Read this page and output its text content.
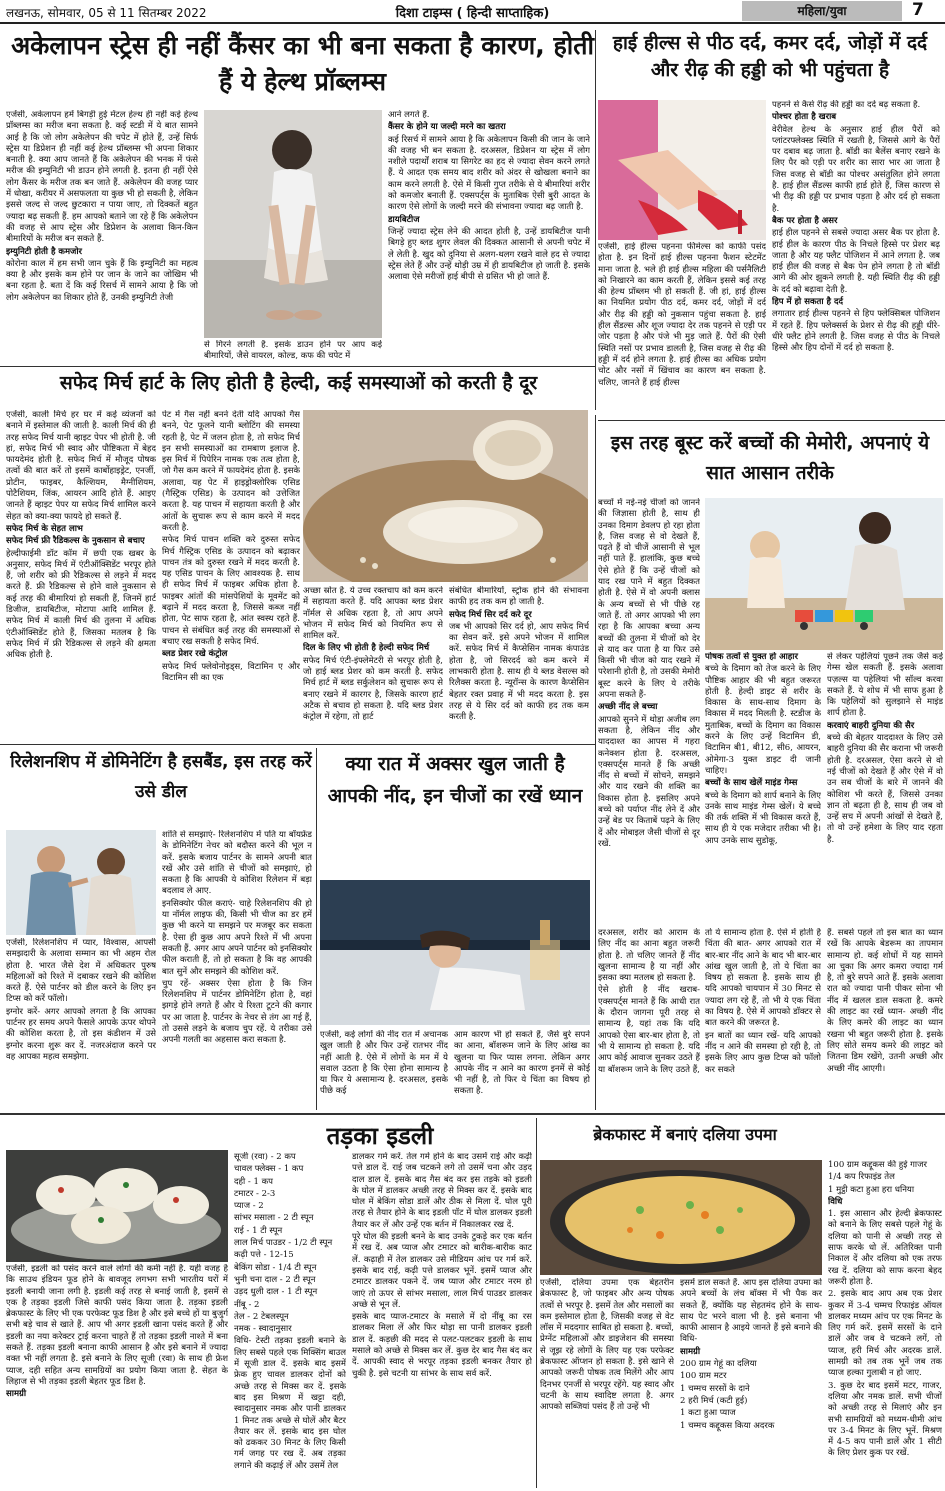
लखनऊ, सोमवार, 05 से 11 सितम्बर 2022	दिशा टाइम्स ( हिन्दी साप्ताहिक)	महिला/युवा	7
अकेलापन स्ट्रेस ही नहीं कैंसर का भी बना सकता है कारण, होती हैं ये हेल्थ प्रॉब्लम्स

एजेंसी, अकेलापन हमें बिगड़ी हुई मेंटल हेल्थ ही नहीं कई हेल्थ प्रॉब्लम्स का मरीज बना सकता है. कई स्टडी में ये बात सामने आई है कि जो लोग अकेलेपन की चपेट में होते हैं, उन्हें सिर्फ स्ट्रेस या डिप्रेशन ही नहीं कई हेल्थ प्रॉब्लम्स भी अपना शिकार बनाती है. क्या आप जानते हैं कि अकेलेपन की भनक में फंसे मरीज की इम्युनिटी भी डाउन होने लगती है. इतना ही नहीं ऐसे लोग कैंसर के मरीज तक बन जाते हैं. अकेलेपन की वजह प्यार में धोखा, करीयर में असफलता या कुछ भी हो सकती है, लेकिन इससे जल्द से जल्द छुटकारा न पाया जाए, तो दिक्कतें बहुत ज्यादा बढ़ सकती हैं. हम आपको बताने जा रहे हैं कि अकेलेपन की वजह से आप स्ट्रेस और डिप्रेशन के अलावा किन-किन बीमारियों के मरीज बन सकते हैं.

इम्युनिटी होती है कमजोर

कोरोना काल में हम सभी जान चुके हैं कि इम्युनिटी का महत्व क्या है और इसके कम होने पर जान के जाने का जोखिम भी बना रहता है. बता दें कि कई रिसर्च में सामने आया है कि जो लोग अकेलेपन का शिकार होते हैं, उनकी इम्युनिटी तेजी

से गिरने लगती है. इसके डाउन होने पर आप कई बीमारियों, जैसे वायरल, कोल्ड, कफ की चपेट में

आने लगते हैं.

कैंसर के होने या जल्दी मरने का खतरा

कई रिसर्च में सामने आया है कि अकेलापन किसी की जान के जाने की वजह भी बन सकता है. दरअसल, डिप्रेशन या स्ट्रेस में लोग नशीले पदार्थों शराब या सिगरेट का हद से ज्यादा सेवन करने लगते हैं. ये आदत एक समय बाद शरीर को अंदर से खोखला बनाने का काम करने लगती है. ऐसे में किसी गुप्त तरीके से ये बीमारियां शरीर को कमजोर बनाती हैं. एक्सपर्ट्स के मुताबिक ऐसी बुरी आदत के कारण ऐसे लोगों के जल्दी मरने की संभावना ज्यादा बढ़ जाती है.

डायबिटीज

जिन्हें ज्यादा स्ट्रेस लेने की आदत होती है, उन्हें डायबिटीज यानी बिगड़े हुए ब्लड शुगर लेवल की दिक्कत आसानी से अपनी चपेट में ले लेती है. खुद को दुनिया से अलग-थलग रखने वाले हद से ज्यादा स्ट्रेस लेते हैं और उन्हें थोड़ी उम्र में ही डायबिटीज हो जाती है. इसके अलावा ऐसे मरीजों हाई बीपी से ग्रसित भी हो जाते हैं.

हाई हील्स से पीठ दर्द, कमर दर्द, जोड़ों में दर्द और रीढ़ की हड्डी को भी पहुंचता है

एजेंसी, हाई हील्स पहनना फीमेल्स को काफी पसंद होता है. इन दिनों हाई हील्स पहनना फैशन स्टेटमेंट माना जाता है. भले ही हाई हील्स महिला की पर्सनैलिटी को निखारने का काम करती हैं, लेकिन इससे कई तरह की हेल्थ प्रॉब्लम भी हो सकती हैं. जी हां, हाई हील्स का नियमित प्रयोग पीठ दर्द, कमर दर्द, जोड़ों में दर्द और रीढ़ की हड्डी को नुकसान पहुंचा सकता है. हाई हील सैंडल्स और शूज ज्यादा देर तक पहनने से एड़ी पर जोर पड़ता है और पंजे भी मुड़ जाते हैं. पैरों की ऐसी स्थिति नसों पर प्रभाव डालती है, जिस वजह से रीढ़ की हड्डी में दर्द होने लगता है. हाई हील्स का अधिक प्रयोग चोट और नसों में खिंचाव का कारण बन सकता है. चलिए, जानते हैं हाई हील्स

पहनने से कैसे रीढ़ की हड्डी का दर्द बढ़ सकता है.

पोश्चर होता है खराब

वेरीवेल हेल्थ के अनुसार हाई हील पैरों को प्लांटरफ्लेक्स्ड स्थिति में रखती है, जिससे आगे के पैरों पर दबाव बढ़ जाता है. बॉडी का बैलेंस बनाए रखने के लिए पैर को एड़ी पर शरीर का सारा भार आ जाता है जिस वजह से बॉडी का पोश्चर असंतुलित होने लगता है. हाई हील सैंडल्स काफी हार्ड होते हैं, जिस कारण से भी रीढ़ की हड्डी पर प्रभाव पड़ता है और दर्द हो सकता है.

बैक पर होता है असर

हाई हील पहनने से सबसे ज्यादा असर बैक पर होता है. हाई हील के कारण पीठ के निचले हिस्से पर प्रेशर बढ़ जाता है और यह फ्लैट पोजिशन में आने लगता है. जब हाई हील की वजह से बैक पेन होने लगता है तो बॉडी आगे की ओर झुकने लगती है. यही स्थिति रीढ़ की हड्डी के दर्द को बढ़ावा देती है.

हिप में हो सकता है दर्द

लगातार हाई हील्स पहनने से हिप फ्लेक्सिबल पोजिशन में रहते हैं. हिप फ्लेक्सर्स के प्रेशर से रीढ़ की हड्डी धीरे-धीरे फ्लैट होने लगती है. जिस वजह से पीठ के निचले हिस्से और हिप दोनों में दर्द हो सकता है.

सफेद मिर्च हार्ट के लिए होती है हेल्दी, कई समस्याओं को करती है दूर

एजेंसी, काली मिर्च हर घर में कई व्यंजनों को बनाने में इस्तेमाल की जाती है. काली मिर्च की ही तरह सफेद मिर्च यानी व्हाइट पेपर भी होती है. जी हां, सफेद मिर्च भी स्वाद और पौष्टिकता में बेहद फायदेमंद होती है. सफेद मिर्च में मौजूद पोषक तत्वों की बात करें तो इसमें कार्बोहाइड्रेट, एनर्जी, प्रोटीन, फाइबर, कैल्शियम, मैग्नीशियम, पोटैशियम, जिंक, आयरन आदि होते हैं. आइए जानते हैं व्हाइट पेपर या सफेद मिर्च शामिल करने सेहत को क्या-क्या फायदे हो सकते हैं.

सफेद मिर्च के सेहत लाभ

सफेद मिर्च फ्री रैडिकल्स के नुकसान से बचाए

हेल्दीफाईमी डॉट कॉम में छपी एक खबर के अनुसार, सफेद मिर्च में एंटीऑक्सिडेंट भरपूर होते हैं, जो शरीर को फ्री रैडिकल्स से लड़ने में मदद करते हैं. फ्री रैडिकल्स से होने वाले नुकसान से कई तरह की बीमारियां हो सकती हैं, जिनमें हार्ट डिजीज, डायबिटीज, मोटापा आदि शामिल हैं. सफेद मिर्च में काली मिर्च की तुलना में अधिक एंटीऑक्सिडेंट होते हैं, जिसका मतलब है कि सफेद मिर्च में फ्री रैडिकल्स से लड़ने की क्षमता अधिक होती है.

पेट में गैस नहीं बनने देती यदि आपको गैस बनने, पेट फूलने यानी ब्लोटिंग की समस्या रहती है, पेट में जलन होता है, तो सफेद मिर्च इन सभी समस्याओं का रामबाण इलाज है. इस मिर्च में पिपेरिन नामक एक तत्व होता है, जो गैस कम करने में फायदेमंद होता है. इसके अलावा, यह पेट में हाइड्रोक्लोरिक एसिड (गैस्ट्रिक एसिड) के उत्पादन को उत्तेजित करता है. यह पाचन में सहायता करती है और आंतों के सुचारू रूप से काम करने में मदद करती है.

सफेद मिर्च पाचन शक्ति करे दुरुस्त सफेद मिर्च गैस्ट्रिक एसिड के उत्पादन को बढ़ाकर पाचन तंत्र को दुरुस्त रखने में मदद करती है. यह एसिड पाचन के लिए आवश्यक है. साथ ही सफेद मिर्च में फाइबर अधिक होता है. फाइबर आंतों की मांसपेशियों के मूवमेंट को बढ़ाने में मदद करता है, जिससे कब्ज नहीं होता, पेट साफ रहता है, आंत स्वस्थ रहते हैं. पाचन से संबंधित कई तरह की समस्याओं से बचाए रख सकती है सफेद मिर्च.

ब्लड प्रेशर रखे कंट्रोल

सफेद मिर्च फ्लेवोनोइड्स, विटामिन ए और विटामिन सी का एक

अच्छा स्रोत है. ये उच्च रक्तचाप को कम करने में सहायता करते हैं. यदि आपका ब्लड प्रेशर नॉर्मल से अधिक रहता है, तो आप अपने भोजन में सफेद मिर्च को नियमित रूप से शामिल करें.

दिल के लिए भी होती है हेल्दी सफेद मिर्च

सफेद मिर्च एंटी-इंफ्लेमेटरी से भरपूर होती है, जो हाई ब्लड प्रेशर को कम करती है. सफेद मिर्च हार्ट में ब्लड सर्कुलेशन को सुचारू रूप से बनाए रखने में कारगर है, जिसके कारण हार्ट अटैक से बचाव हो सकता है. यदि ब्लड प्रेशर कंट्रोल में रहेगा, तो हार्ट

संबंधित बीमारियों, स्ट्रोक होने की संभावना काफी हद तक कम हो जाती है.

सफेद मिर्च सिर दर्द करे दूर

जब भी आपको सिर दर्द हो, आप सफेद मिर्च का सेवन करें. इसे अपने भोजन में शामिल करें. सफेद मिर्च में कैप्सेसिन नामक कंपाउंड होता है, जो सिरदर्द को कम करने में लाभकारी होता है. साथ ही ये ब्लड वेसल्स को रिलैक्स करता है. न्यूरॉन्स के कारण कैप्सेसिन बेहतर रक्त प्रवाह में भी मदद करता है. इस तरह से ये सिर दर्द को काफी हद तक कम करती है.

इस तरह बूस्ट करें बच्चों की मेमोरी, अपनाएं ये सात आसान तरीके

बच्चों में नई-नई चीजों को जानने की जिज्ञासा होती है, साथ ही उनका दिमाग डेवलप हो रहा होता है, जिस वजह से वो देखते हैं, पढ़ते हैं वो चीजें आसानी से भूल नहीं पाते हैं. हालांकि, कुछ बच्चे ऐसे होते हैं कि उन्हें चीजों को याद रख पाने में बहुत दिक्कत होती है. ऐसे में वो अपनी क्लास के अन्य बच्चों से भी पीछे रह जाते हैं. तो अगर आपको भी लग रहा है कि आपका बच्चा अन्य बच्चों की तुलना में चीजों को देर से याद कर पाता है या फिर उसे किसी भी चीज को याद रखने में परेशानी होती है, तो उसकी मेमोरी बूस्ट करने के लिए ये तरीके अपना सकते हैं-

अच्छी नींद ले बच्चा

आपको सुनने में थोड़ा अजीब लग सकता है, लेकिन नींद और याददाश्त का आपस में गहरा कनेक्शन होता है. दरअसल, एक्सपर्ट्स मानते हैं कि अच्छी नींद से बच्चों में सोचने, समझने और याद रखने की शक्ति का विकास होता है. इसलिए अपने बच्चे को पर्याप्त नींद लेने दें और उन्हें बेड पर किताबें पढ़ने के लिए दें और मोबाइल जैसी चीजों से दूर रखें.

पोषक तत्वों से युक्त हो आहार

बच्चे के दिमाग को तेज करने के लिए पौष्टिक आहार की भी बहुत जरूरत होती है. हेल्दी डाइट से शरीर के विकास के साथ-साथ दिमाग के विकास में मदद मिलती है. स्टडीज के मुताबिक, बच्चों के दिमाग का विकास करने के लिए उन्हें विटामिन डी, विटामिन बी1, बी12, सी6, आयरन, ओमेगा-3 युक्त डाइट दी जानी चाहिए।

बच्चों के साथ खेलें माइंड गेम्स

बच्चे के दिमाग को शार्प बनाने के लिए उनके साथ माइंड गेम्स खेलें। ये बच्चे की तर्क शक्ति में भी विकास करते हैं, साथ ही ये एक मजेदार तरीका भी है। आप उनके साथ सुडोकू,

से लेकर पहेलियां पूछने तक जैसे कई गेम्स खेल सकती हैं. इसके अलावा पज़ल्स या पहेलियां भी सॉल्व करवा सकते हैं. ये शोध में भी साफ हुआ है कि पहेलियों को सुलझाने से माइंड शार्प होता है.

करवाएं बाहरी दुनिया की सैर

बच्चे की बेहतर याददाश्त के लिए उसे बाहरी दुनिया की सैर कराना भी जरूरी होती है. दरअसल, ऐसा करने से वो नई चीजों को देखते हैं और ऐसे में वो उन सब चीजों के बारे में जानने की कोशिश भी करते हैं, जिससे उनका ज्ञान तो बढ़ता ही है, साथ ही जब वो उन्हें सच में अपनी आंखों से देखते हैं, तो वो उन्हें हमेशा के लिए याद रहता है.

रिलेशनशिप में डोमिनेटिंग है हसबैंड, इस तरह करें उसे डील

एजेंसी, रिलेशनशिप में प्यार, विश्वास, आपसी समझदारी के अलावा सम्मान का भी अहम रोल होता है. भारत जैसे देश में अधिकतर पुरुष महिलाओं को रिश्ते में दबाकर रखने की कोशिश करते हैं. ऐसे पार्टनर को डील करने के लिए इन टिप्स को करें फॉलो।

इग्नोर करें- अगर आपको लगता है कि आपका पार्टनर हर समय अपने फैसले आपके ऊपर थोपने की कोशिश करता है, तो इस कंडीशन में उसे इग्नोर करना शुरू कर दें. नजरअंदाज करने पर वह आपका महत्व समझेगा.

शांति से समझाएं- रिलेशनशिप में पति या बॉयफ्रेंड के डोमिनेटिंग नेचर को बदौस्त करने की भूल न करें. इसके बजाय पार्टनर के सामने अपनी बात रखें और उसे शांति से चीजों को समझाएं, हो सकता है कि आपकी ये कोशिश रिलेशन में बड़ा बदलाव ले आए.

इनसिक्योर फील कराएं- चाहे रिलेशनशिप की हो या नॉर्मल लाइफ की, किसी भी चीज का डर हमें कुछ भी करने या समझने पर मजबूर कर सकता है. ऐसा ही कुछ आप अपने रिश्ते में भी अपना सकती हैं. अगर आप अपने पार्टनर को इनसिक्योर फील कराती हैं, तो हो सकता है कि वह आपकी बात सुनें और समझने की कोशिश करें.

चुप रहें- अक्सर ऐसा होता है कि जिन रिलेशनशिप में पार्टनर डोमिनेटिंग होता है, वहां झगड़े होने लगते हैं और ये रिश्ता टूटने की कगार पर आ जाता है. पार्टनर के नेचर से तंग आ गई हैं, तो उससे लड़ने के बजाय चुप रहें. ये तरीका उसे अपनी गलती का अहसास करा सकता है.

क्या रात में अक्सर खुल जाती है आपकी नींद, इन चीजों का रखें ध्यान

एजेंसी, कई लोगों की नींद रात में अचानक खुल जाती है और फिर उन्हें रातभर नींद नहीं आती है. ऐसे में लोगों के मन में ये सवाल उठता है कि ऐसा होना सामान्य है या फिर ये असामान्य है. दरअसल, इसके पीछे कई

आम कारण भी हो सकते हैं, जैसे बुरे सपने का आना, बॉशरूम जाने के लिए आंख का खुलना या फिर प्यास लगना. लेकिन अगर आपके नींद न आने का कारण इनमें से कोई भी नहीं है, तो फिर ये चिंता का विषय हो सकता है.

दरअसल, शरीर को आराम के लिए नींद का आना बहुत जरूरी होता है. तो चलिए जानते हैं नींद खुलना सामान्य है या नहीं और इसका क्या मतलब हो सकता है.

ऐसे होती है नींद खराब- एक्सपर्ट्स मानते हैं कि आधी रात के दौरान जागना पूरी तरह से सामान्य है, यहां तक कि यदि आपको ऐसा बार-बार होता है, तो भी ये सामान्य हो सकता है. यदि आप कोई आवाज सुनकर उठते हैं या बॉशरूम जाने के लिए उठते हैं,

तो ये सामान्य होता है. ऐसे में होती है चिंता की बात- अगर आपको रात में बार-बार नींद आने के बाद भी बार-बार आंख खुल जाती है, तो ये चिंता का विषय हो सकता है. इसके साथ ही यदि आपको चायपान में 30 मिनट से ज्यादा लग रहे हैं, तो भी ये एक चिंता का विषय है. ऐसे में आपको डॉक्टर से बात करने की जरूरत है.

इन बातों का ध्यान रखें- यदि आपको नींद न आने की समस्या हो रही है, तो इसके लिए आप कुछ टिप्स को फॉलो कर सकते

हैं. सबसे पहले तो इस बात का ध्यान रखें कि आपके बेडरूम का तापमान सामान्य हो. कई शोधों में यह सामने आ चुका कि अगर कमरा ज्यादा गर्म है, तो बुरे सपने आते हैं. इसके अलावा रात को ज्यादा पानी पीकर सोना भी नींद में खलल डाल सकता है. कमरे की लाइट का रखें ध्यान- अच्छी नींद के लिए कमरे की लाइट का ध्यान रखना भी बहुत जरूरी होता है. इसके लिए सोते समय कमरे की लाइट को जितना डिम रखेंगे, उतनी अच्छी और अच्छी नींद आएगी।

तड़का इडली

एजेंसी, इडली को पसंद करने वाले लोगों की कमी नहीं है. यही वजह है कि साउथ इंडियन फूड होने के बावजूद लगभग सभी भारतीय घरों में इडली बनायी जाना लगी है. इडली कई तरह से बनाई जाती है, इसमें से एक है तड़का इडली जिसे काफी पसंद किया जाता है. तड़का इडली ब्रेकफास्ट के लिए भी एक परफेक्ट फूड डिश है और इसे बच्चे हों या बुजुर्ग सभी बड़े चाव से खाते हैं. आप भी अगर इडली खाना पसंद करते हैं और इडली का नया करेक्टर ट्राई करना चाहते हैं तो तड़का इडली नाश्ते में बना सकते हैं. तड़का इडली बनाना काफी आसान है और इसे बनाने में ज्यादा वक्त भी नहीं लगता है. इसे बनाने के लिए सूजी (रवा) के साथ ही फ्रेश प्याज, दही सहित अन्य सामग्रियों का प्रयोग किया जाता है. सेहत के लिहाज से भी तड़का इडली बेहतर फूड डिश है.

सामग्री

सूजी (रवा) - 2 कप

चावल फ्लेक्स - 1 कप

दही - 1 कप

टमाटर - 2-3

प्याज - 2

सांभर मसाला - 2 टी स्पून

राई - 1 टी स्पून

लाल मिर्च पाउडर - 1/2 टी स्पून

कढ़ी पत्ते - 12-15

बेकिंग सोडा - 1/4 टी स्पून

भुनी चना दाल - 2 टी स्पून

उड़द धुली दाल - 1 टी स्पून

नींबू - 2

तेल - 2 टेबलस्पून

नमक - स्वादानुसार

विधि- टेस्टी तड़का इडली बनाने के लिए सबसे पहले एक मिक्सिंग बाउल में सूजी डाल दें. इसके बाद इसमें फ्रेक हुए चावल डालकर दोनों को अच्छे तरह से मिक्स कर दें. इसके बाद इस मिश्रण में खट्टा दही, स्वादानुसार नमक और पानी डालकर 1 मिनट तक अच्छे से घोलें और बैटर तैयार कर लें. इसके बाद इस घोल को ढककर 30 मिनट के लिए किसी गर्म जगह पर रख दें. अब तड़का लगाने की कढ़ाई लें और उसमें तेल

डालकर गर्म करें. तेल गर्म होने के बाद उसमें राई और कढ़ी पत्ते डाल दें. राई जब चटकने लगे तो उसमें चना और उड़द दाल डाल दें. इसके बाद गैस बंद कर इस तड़के को इडली के घोल में डालकर अच्छी तरह से मिक्स कर दें. इसके बाद घोल में बेकिंग सोडा डालें और ठीक से मिला दें. घोल पूरी तरह से तैयार होने के बाद इडली पॉट में घोल डालकर इडली तैयार कर लें और उन्हें एक बर्तन में निकालकर रख दें.

पूरे घोल की इडली बनने के बाद उनके टुकड़े कर एक बर्तन में रख दें. अब प्याज और टमाटर को बारीक-बारीक काट लें. कढ़ाही में तेल डालकर उसे मीडियम आंच पर गर्म करें. इसके बाद राई, कढ़ी पत्ते डालकर भूनें. इसमें प्याज और टमाटर डालकर पकने दें. जब प्याज और टमाटर नरम हो जाएं तो ऊपर से सांभर मसाला, लाल मिर्च पाउडर डालकर अच्छे से भून लें.

इसके बाद प्याज-टमाटर के मसाले में दो नींबू का रस डालकर मिला लें और फिर थोड़ा सा पानी डालकर इडली डाल दें. कड़छी की मदद से पलट-पलटकर इडली के साथ मसाले को अच्छे से मिक्स कर लें. कुछ देर बाद गैस बंद कर दें. आपकी स्वाद से भरपूर तड़का इडली बनकर तैयार हो चुकी है. इसे चटनी या सांभर के साथ सर्व करें.

ब्रेकफास्ट में बनाएं दलिया उपमा

एजेंसी, दलिया उपमा एक बेहतरीन ब्रेकफास्ट है, जो फाइबर और अन्य पोषक तत्वों से भरपूर है. इसमें तेल और मसालों का कम इस्तेमाल होता है, जिसकी वजह से वेट लॉस में मददगार साबित हो सकता है. बच्चों, प्रेग्नेंट महिलाओं और डाइजेशन की समस्या से जूझ रहे लोगों के लिए यह एक परफेक्ट ब्रेकफास्ट ऑप्शन हो सकता है. इसे खाने से आपको जरूरी पोषक तत्व मिलेंगे और आप दिनभर एनर्जी से भरपूर रहेंगे. यह स्वाद और चटनी के साथ स्वादिष्ट लगता है. अगर आपको सब्जियां पसंद हैं तो उन्हें भी

इसमें डाल सकते हैं. आप इस दलिया उपमा को अपने बच्चों के लंच बॉक्स में भी पैक कर सकते हैं, क्योंकि यह सेहतमंद होने के साथ-साथ पेट भरने वाला भी है. इसे बनाना भी काफी आसान है आइये जानते हैं इसे बनाने की विधि-

सामग्री

200 ग्राम गेहूं का दलिया

100 ग्राम मटर

1 चम्मच सरसों के दाने

2 हरी मिर्च (कटी हुई)

1 कटा हुआ प्याज

1 चम्मच कद्दूकस किया अदरक

100 ग्राम कद्दूकस की हुई गाजर

1/4 कप रिफाइंड तेल

1 मुट्ठी कटा हुआ हरा धनिया

विधि

1. इस आसान और हेल्दी ब्रेकफास्ट को बनाने के लिए सबसे पहले गेहूं के दलिया को पानी से अच्छी तरह से साफ करके धो लें. अतिरिक्त पानी निकाल दें और दलिया को एक तरफ रख दें. दलिया को साफ करना बेहद जरूरी होता है.

2. इसके बाद आप अब एक प्रेशर कुकर में 3-4 चम्मच रिफाइंड ऑयल डालकर मध्यम आंच पर एक मिनट के लिए गर्म करें. इसमें सरसों के दाने डालें और जब वे चटकने लगें, तो प्याज, हरी मिर्च और अदरक डालें. सामग्री को तब तक भूनें जब तक प्याज हल्का गुलाबी न हो जाए.

3. कुछ देर बाद इसमें मटर, गाजर, दलिया और नमक डालें. सभी चीजों को अच्छी तरह से मिलाएं और इन सभी सामग्रियों को मध्यम-धीमी आंच पर 3-4 मिनट के लिए भूनें. मिश्रण में 4-5 कप पानी डालें और 1 सीटी के लिए प्रेशर कुक पर रखें.
